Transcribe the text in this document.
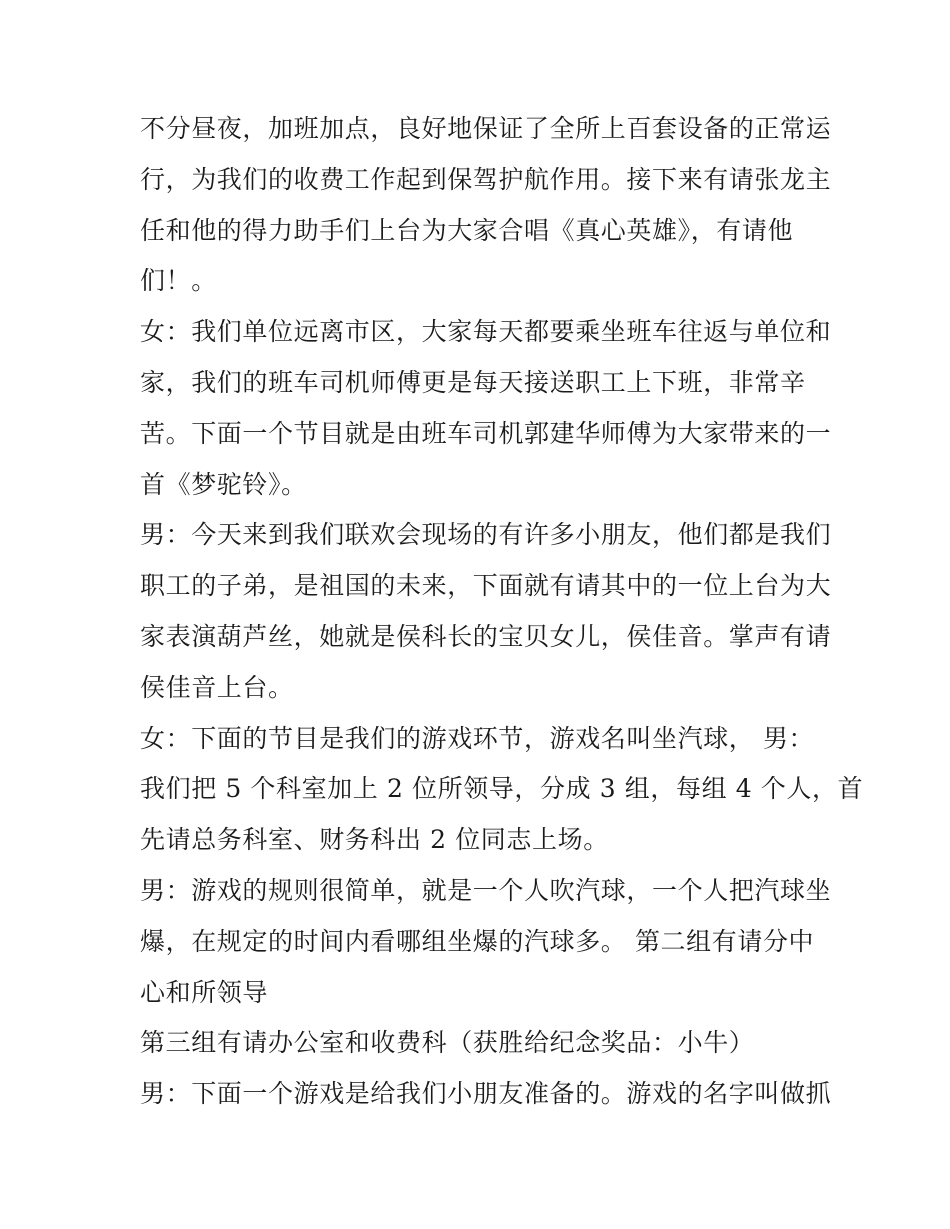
不分昼夜，加班加点，良好地保证了全所上百套设备的正常运
行，为我们的收费工作起到保驾护航作用。接下来有请张龙主
任和他的得力助手们上台为大家合唱《真心英雄》，有请他
们！。
女：我们单位远离市区，大家每天都要乘坐班车往返与单位和
家，我们的班车司机师傅更是每天接送职工上下班，非常辛
苦。下面一个节目就是由班车司机郭建华师傅为大家带来的一
首《梦驼铃》。
男：今天来到我们联欢会现场的有许多小朋友，他们都是我们
职工的子弟，是祖国的未来，下面就有请其中的一位上台为大
家表演葫芦丝，她就是侯科长的宝贝女儿，侯佳音。掌声有请
侯佳音上台。
女：下面的节目是我们的游戏环节，游戏名叫坐汽球， 男：
我们把 5 个科室加上 2 位所领导，分成 3 组，每组 4 个人，首
先请总务科室、财务科出 2 位同志上场。
男：游戏的规则很简单，就是一个人吹汽球，一个人把汽球坐
爆，在规定的时间内看哪组坐爆的汽球多。 第二组有请分中
心和所领导
第三组有请办公室和收费科（获胜给纪念奖品：小牛）
男：下面一个游戏是给我们小朋友准备的。游戏的名字叫做抓
